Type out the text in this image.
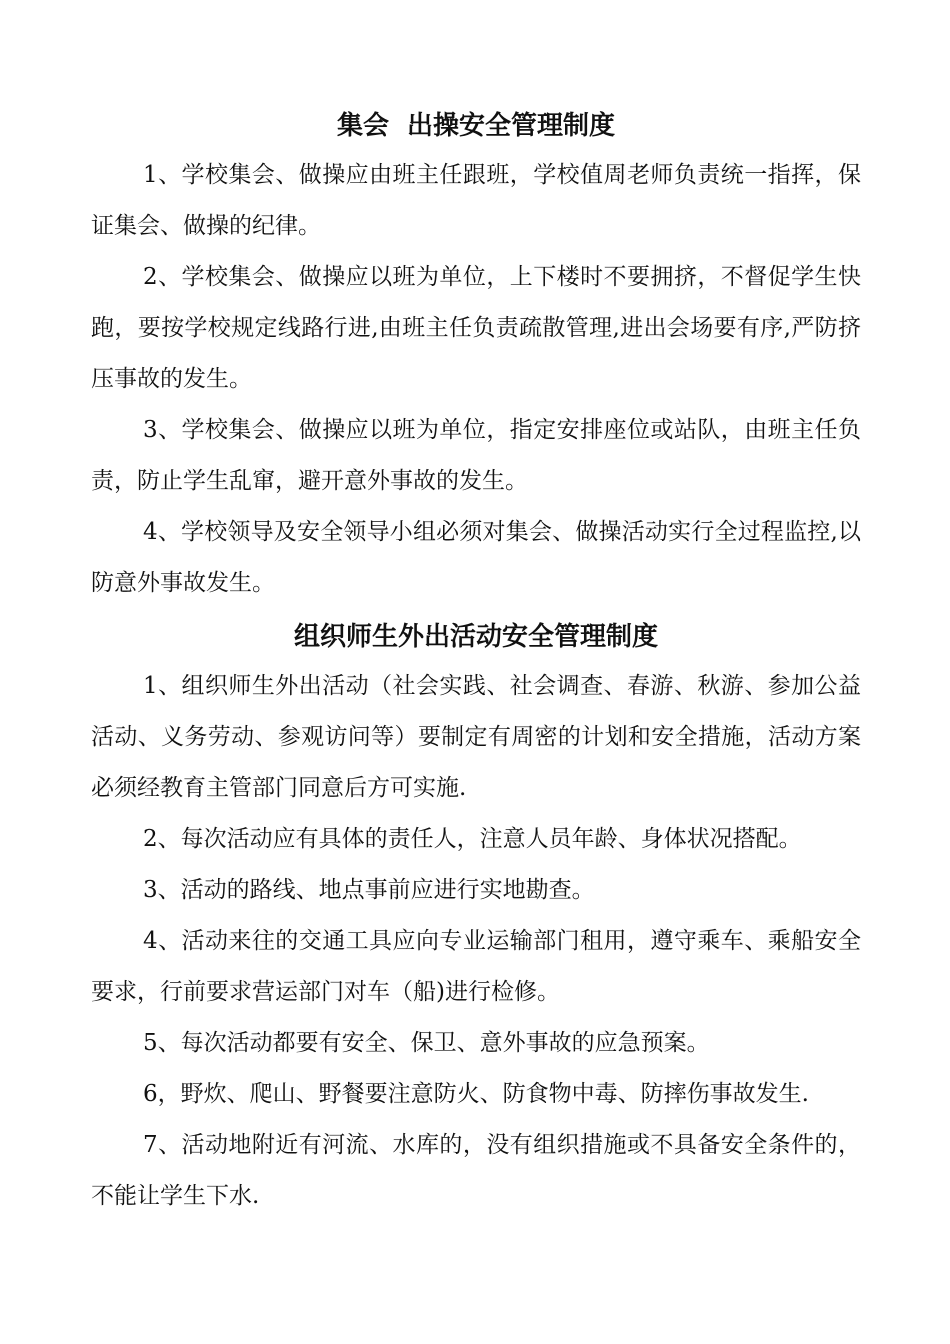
集会  出操安全管理制度

1、学校集会、做操应由班主任跟班，学校值周老师负责统一指挥，保证集会、做操的纪律。

2、学校集会、做操应以班为单位，上下楼时不要拥挤，不督促学生快跑，要按学校规定线路行进,由班主任负责疏散管理,进出会场要有序,严防挤压事故的发生。

3、学校集会、做操应以班为单位，指定安排座位或站队，由班主任负责，防止学生乱窜，避开意外事故的发生。

4、学校领导及安全领导小组必须对集会、做操活动实行全过程监控,以防意外事故发生。

组织师生外出活动安全管理制度

1、组织师生外出活动（社会实践、社会调查、春游、秋游、参加公益活动、义务劳动、参观访问等）要制定有周密的计划和安全措施，活动方案必须经教育主管部门同意后方可实施.

2、每次活动应有具体的责任人，注意人员年龄、身体状况搭配。

3、活动的路线、地点事前应进行实地勘查。

4、活动来往的交通工具应向专业运输部门租用，遵守乘车、乘船安全要求，行前要求营运部门对车（船)进行检修。

5、每次活动都要有安全、保卫、意外事故的应急预案。

6，野炊、爬山、野餐要注意防火、防食物中毒、防摔伤事故发生.

7、活动地附近有河流、水库的，没有组织措施或不具备安全条件的，不能让学生下水.
